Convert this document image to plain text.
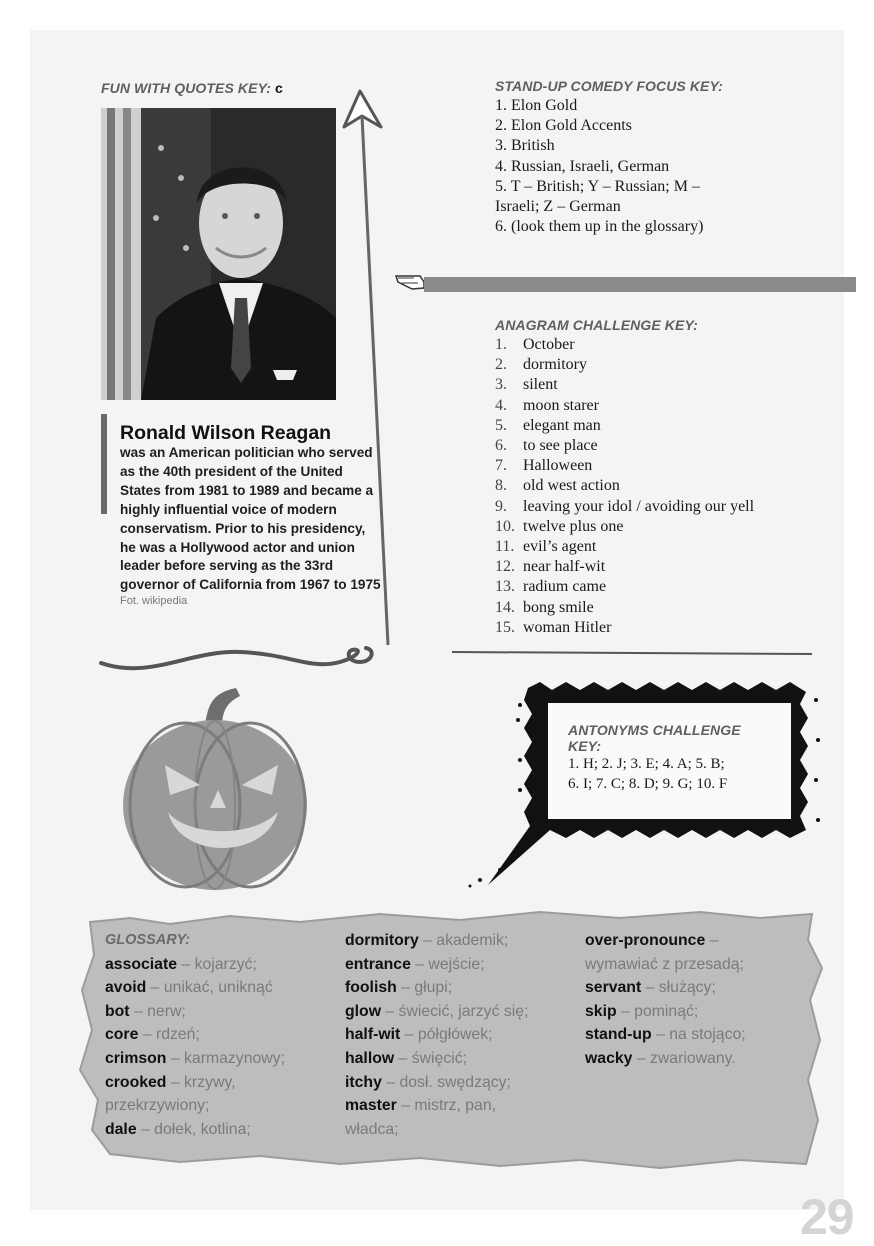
FUN WITH QUOTES KEY: c
Ronald Wilson Reagan
was an American politician who served as the 40th president of the United States from 1981 to 1989 and became a highly influential voice of modern conservatism. Prior to his presidency, he was a Hollywood actor and union leader before serving as the 33rd governor of California from 1967 to 1975
Fot. wikipedia
STAND-UP COMEDY FOCUS KEY:
1. Elon Gold
2. Elon Gold Accents
3. British
4. Russian, Israeli, German
5. T – British; Y – Russian; M –
Israeli; Z – German
6. (look them up in the glossary)
ANAGRAM CHALLENGE KEY:
1.	October
2.	dormitory
3.	silent
4.	moon starer
5.	elegant man
6.	to see place
7.	Halloween
8.	old west action
9.	leaving your idol / avoiding our yell
10. twelve plus one
11. evil’s agent
12. near half-wit
13. radium came
14. bong smile
15. woman Hitler
ANTONYMS CHALLENGE
KEY:
1. H; 2. J; 3. E; 4. A; 5. B;
6. I; 7. C; 8. D; 9. G; 10. F
GLOSSARY:
associate – kojarzyć;
avoid – unikać, uniknąć
bot – nerw;
core – rdzeń;
crimson – karmazynowy;
crooked – krzywy,
przekrzywiony;
dale – dołek, kotlina;
dormitory – akademik;
entrance – wejście;
foolish – głupi;
glow – świecić, jarzyć się;
half-wit – półgłówek;
hallow – święcić;
itchy – dosł. swędzący;
master – mistrz, pan,
władca;
over-pronounce –
wymawiać z przesadą;
servant – służący;
skip – pominąć;
stand-up – na stojąco;
wacky – zwariowany.
29
